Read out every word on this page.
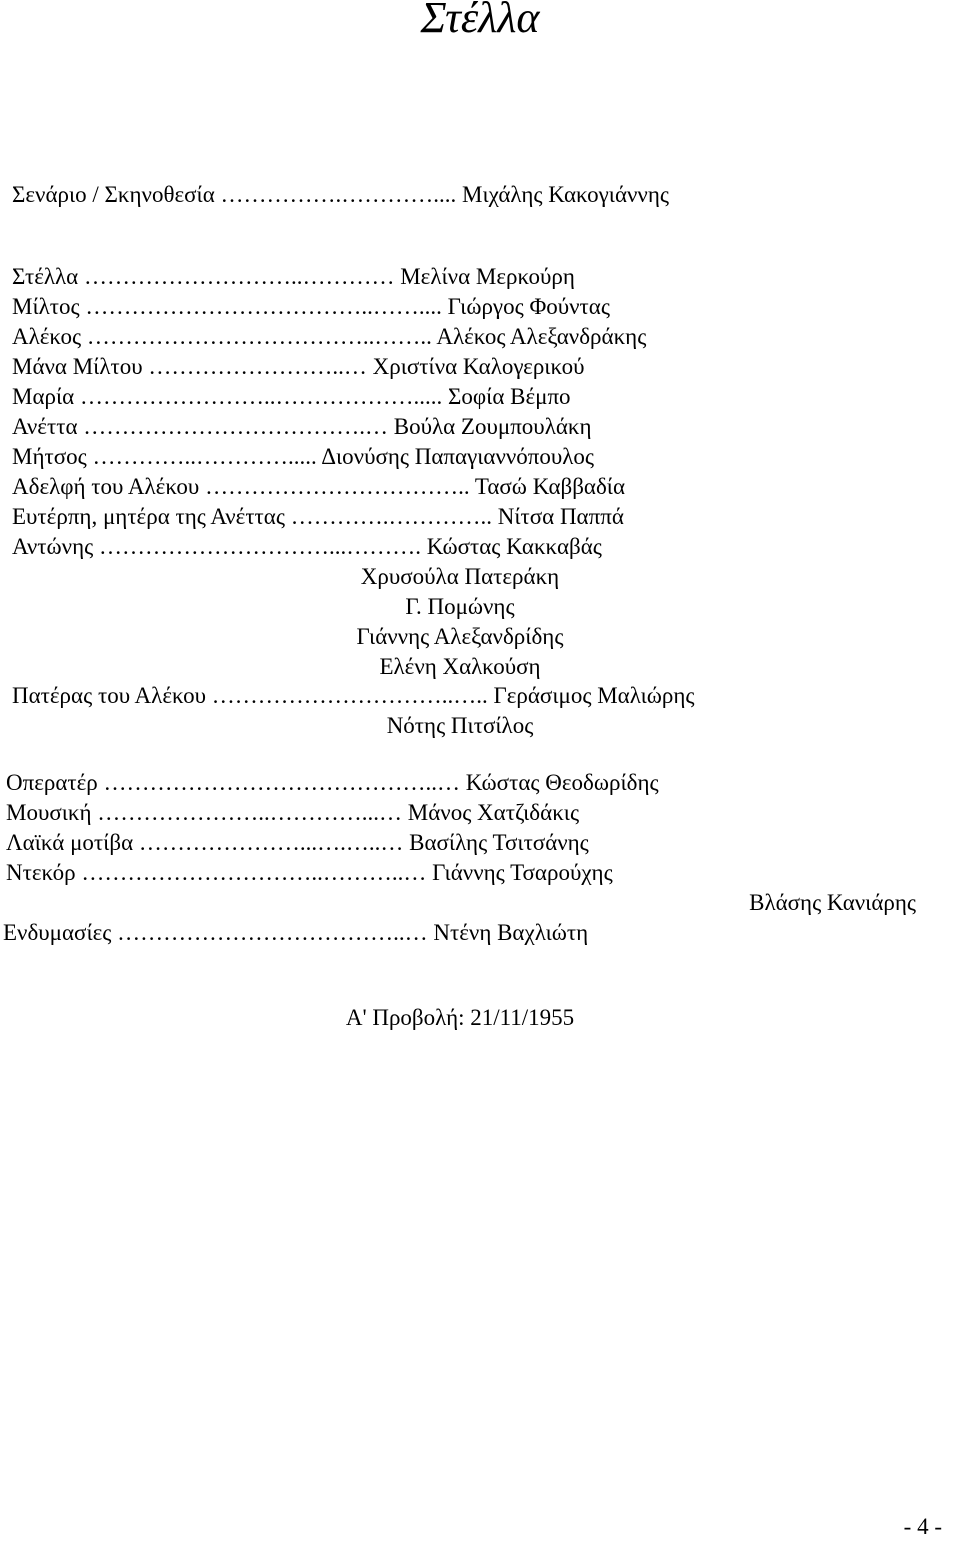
Στέλλα
Σενάριο / Σκηνοθεσία …………….………….... Μιχάλης Κακογιάννης
Στέλλα ………………………..………… Μελίνα Μερκούρη
Μίλτος ………………………………..…….... Γιώργος Φούντας
Αλέκος ………………………………..…….. Αλέκος Αλεξανδράκης
Μάνα Μίλτου ……………………..… Χριστίνα Καλογερικού
Μαρία ……………………..………………..... Σοφία Βέμπο
Ανέττα ……………………………….… Βούλα Ζουμπουλάκη
Μήτσος …………..…………..... Διονύσης Παπαγιαννόπουλος
Αδελφή του Αλέκου …………………………….. Τασώ Καββαδία
Ευτέρπη, μητέρα της Ανέττας ………….………….. Νίτσα Παππά
Αντώνης …………………………...………. Κώστας Κακκαβάς
Χρυσούλα Πατεράκη
Γ. Πομώνης
Γιάννης Αλεξανδρίδης
Ελένη Χαλκούση
Πατέρας του Αλέκου …………………………..….. Γεράσιμος Μαλιώρης
Νότης Πιτσίλος
Οπερατέρ ……………………………………..… Κώστας Θεοδωρίδης
Μουσική …………………..…………...… Μάνος Χατζιδάκις
Λαϊκά μοτίβα …………………...….…..… Βασίλης Τσιτσάνης
Ντεκόρ …………………………..………..… Γιάννης Τσαρούχης
Βλάσης Κανιάρης
Ενδυμασίες ………………………………..… Ντένη Βαχλιώτη
Α' Προβολή: 21/11/1955
- 4 -
